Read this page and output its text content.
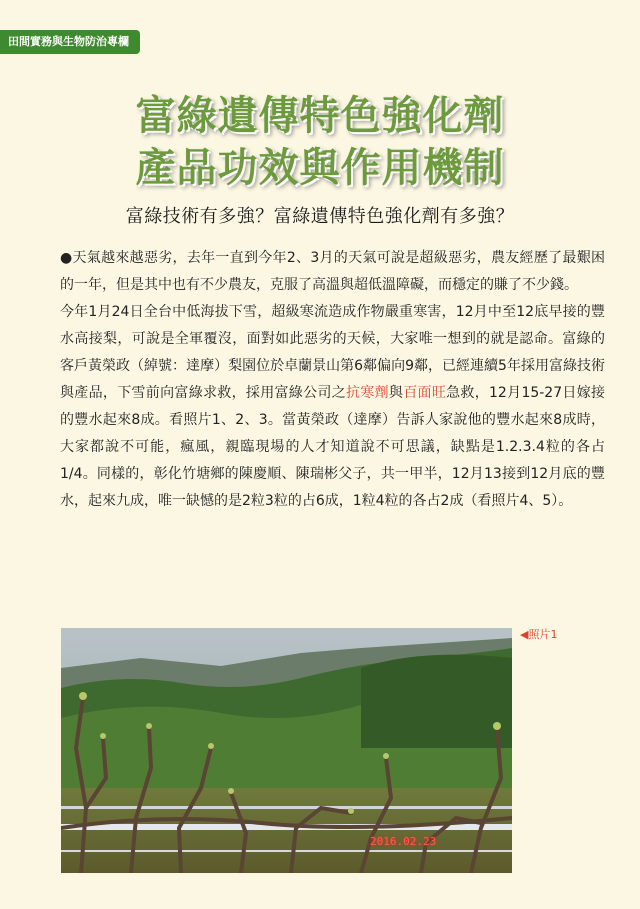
田間實務與生物防治專欄
富綠遺傳特色強化劑
產品功效與作用機制
富綠技術有多強？富綠遺傳特色強化劑有多強？

●天氣越來越惡劣，去年一直到今年2、3月的天氣可說是超級惡劣，農友經歷了最艱困的一年，但是其中也有不少農友，克服了高溫與超低溫障礙，而穩定的賺了不少錢。

今年1月24日全台中低海拔下雪，超級寒流造成作物嚴重寒害，12月中至12底早接的豐水高接梨，可說是全軍覆沒，面對如此惡劣的天候，大家唯一想到的就是認命。富綠的客戶黃榮政（綽號：達摩）梨園位於卓蘭景山第6鄰偏向9鄰，已經連續5年採用富綠技術與產品，下雪前向富綠求救，採用富綠公司之抗寒劑與百面旺急救，12月15-27日嫁接的豐水起來8成。看照片1、2、3。當黃榮政（達摩）告訴人家說他的豐水起來8成時，大家都說不可能，瘋風，親臨現場的人才知道說不可思議，缺點是1.2.3.4粒的各占1/4。同樣的，彰化竹塘鄉的陳慶順、陳瑞彬父子，共一甲半，12月13接到12月底的豐水，起來九成，唯一缺憾的是2粒3粒的占6成，1粒4粒的各占2成（看照片4、5）。

2016.02.23
◀照片1
